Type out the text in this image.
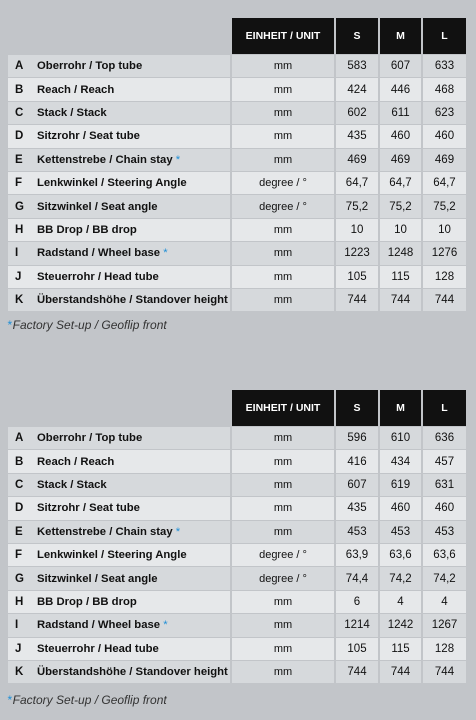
		EINHEIT / UNIT	S	M	L
A	Oberrohr / Top tube	mm	583	607	633
B	Reach / Reach	mm	424	446	468
C	Stack / Stack	mm	602	611	623
D	Sitzrohr / Seat tube	mm	435	460	460
E	Kettenstrebe / Chain stay *	mm	469	469	469
F	Lenkwinkel / Steering Angle	degree / °	64,7	64,7	64,7
G	Sitzwinkel / Seat angle	degree / °	75,2	75,2	75,2
H	BB Drop / BB drop	mm	10	10	10
I	Radstand / Wheel base *	mm	1223	1248	1276
J	Steuerrohr / Head tube	mm	105	115	128
K	Überstandshöhe / Standover height	mm	744	744	744
*Factory Set-up / Geoflip front
		EINHEIT / UNIT	S	M	L
A	Oberrohr / Top tube	mm	596	610	636
B	Reach / Reach	mm	416	434	457
C	Stack / Stack	mm	607	619	631
D	Sitzrohr / Seat tube	mm	435	460	460
E	Kettenstrebe / Chain stay *	mm	453	453	453
F	Lenkwinkel / Steering Angle	degree / °	63,9	63,6	63,6
G	Sitzwinkel / Seat angle	degree / °	74,4	74,2	74,2
H	BB Drop / BB drop	mm	6	4	4
I	Radstand / Wheel base *	mm	1214	1242	1267
J	Steuerrohr / Head tube	mm	105	115	128
K	Überstandshöhe / Standover height	mm	744	744	744
*Factory Set-up / Geoflip front
